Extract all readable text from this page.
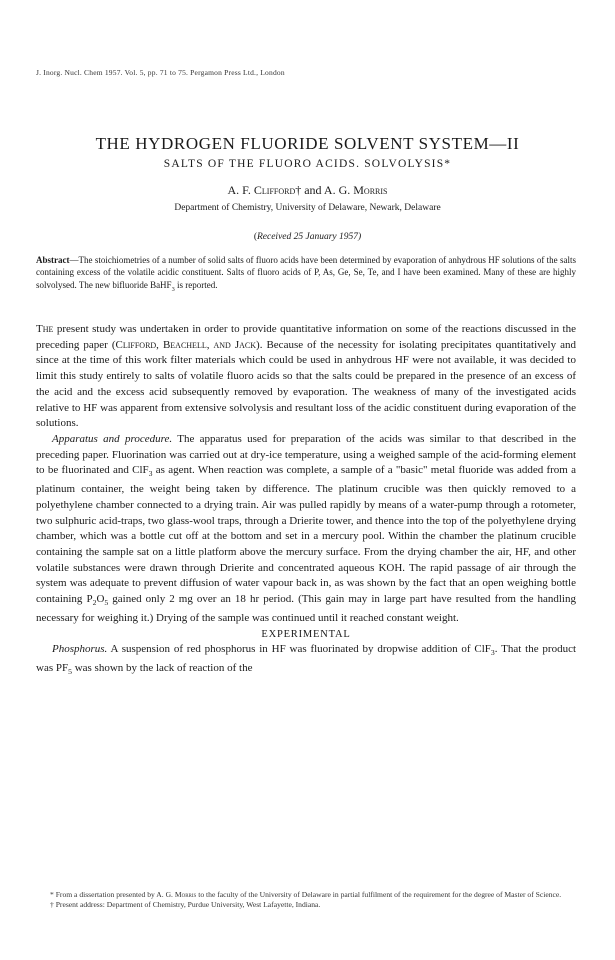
J. Inorg. Nucl. Chem 1957. Vol. 5, pp. 71 to 75. Pergamon Press Ltd., London
THE HYDROGEN FLUORIDE SOLVENT SYSTEM—II
SALTS OF THE FLUORO ACIDS. SOLVOLYSIS*
A. F. Clifford† and A. G. Morris
Department of Chemistry, University of Delaware, Newark, Delaware
(Received 25 January 1957)
Abstract—The stoichiometries of a number of solid salts of fluoro acids have been determined by evaporation of anhydrous HF solutions of the salts containing excess of the volatile acidic constituent. Salts of fluoro acids of P, As, Ge, Se, Te, and I have been examined. Many of these are highly solvolysed. The new bifluoride BaHF$_3$ is reported.

The present study was undertaken in order to provide quantitative information on some of the reactions discussed in the preceding paper (Clifford, Beachell, and Jack). Because of the necessity for isolating precipitates quantitatively and since at the time of this work filter materials which could be used in anhydrous HF were not available, it was decided to limit this study entirely to salts of volatile fluoro acids so that the salts could be prepared in the presence of an excess of the acid and the excess acid subsequently removed by evaporation. The weakness of many of the investigated acids relative to HF was apparent from extensive solvolysis and resultant loss of the acidic constituent during evaporation of the solutions.

Apparatus and procedure. The apparatus used for preparation of the acids was similar to that described in the preceding paper. Fluorination was carried out at dry-ice temperature, using a weighed sample of the acid-forming element to be fluorinated and ClF$_3$ as agent. When reaction was complete, a sample of a "basic" metal fluoride was added from a platinum container, the weight being taken by difference. The platinum crucible was then quickly removed to a polyethylene chamber connected to a drying train. Air was pulled rapidly by means of a water-pump through a rotometer, two sulphuric acid-traps, two glass-wool traps, through a Drierite tower, and thence into the top of the polyethylene drying chamber, which was a bottle cut off at the bottom and set in a mercury pool. Within the chamber the platinum crucible containing the sample sat on a little platform above the mercury surface. From the drying chamber the air, HF, and other volatile substances were drawn through Drierite and concentrated aqueous KOH. The rapid passage of air through the system was adequate to prevent diffusion of water vapour back in, as was shown by the fact that an open weighing bottle containing $P_2O_5$ gained only 2 mg over an 18 hr period. (This gain may in large part have resulted from the handling necessary for weighing it.) Drying of the sample was continued until it reached constant weight.

EXPERIMENTAL

Phosphorus. A suspension of red phosphorus in HF was fluorinated by dropwise addition of ClF$_3$. That the product was $PF_5$ was shown by the lack of reaction of the

* From a dissertation presented by A. G. Morris to the faculty of the University of Delaware in partial fulfilment of the requirement for the degree of Master of Science.

† Present address: Department of Chemistry, Purdue University, West Lafayette, Indiana.
